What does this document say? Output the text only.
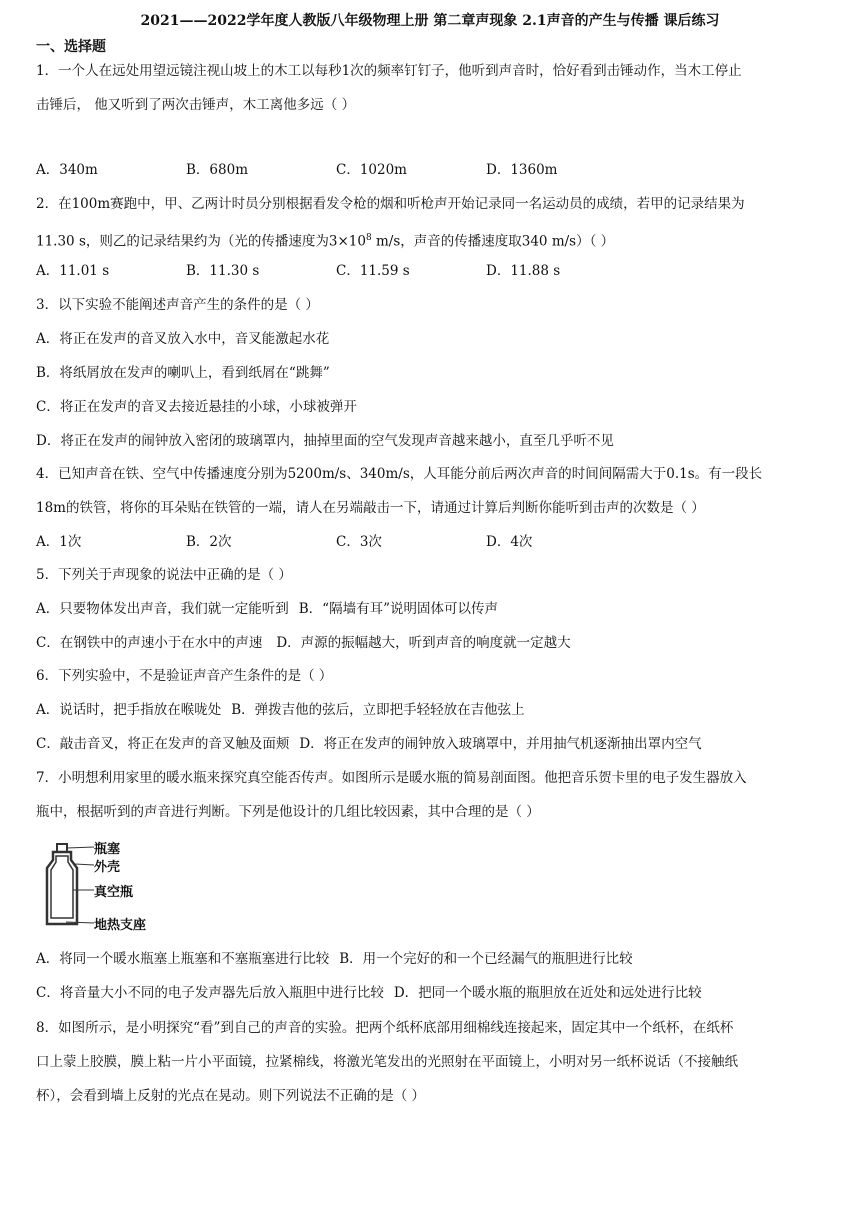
2021——2022学年度人教版八年级物理上册 第二章声现象 2.1声音的产生与传播 课后练习
一、选择题
1．一个人在远处用望远镜注视山坡上的木工以每秒1次的频率钉钉子，他听到声音时，恰好看到击锤动作，当木工停止
击锤后， 他又听到了两次击锤声，木工离他多远（ ）
A．340m	B．680m	C．1020m	D．1360m
2．在100m赛跑中，甲、乙两计时员分别根据看发令枪的烟和听枪声开始记录同一名运动员的成绩，若甲的记录结果为
11.30 s，则乙的记录结果约为（光的传播速度为$3\times 10^8$ m/s，声音的传播速度取340 m/s）（ ）
A．11.01 s	B．11.30 s	C．11.59 s	D．11.88 s
3．以下实验不能阐述声音产生的条件的是（ ）
A．将正在发声的音叉放入水中，音叉能激起水花
B．将纸屑放在发声的喇叭上，看到纸屑在“跳舞”
C．将正在发声的音叉去接近悬挂的小球，小球被弹开
D．将正在发声的闹钟放入密闭的玻璃罩内，抽掉里面的空气发现声音越来越小，直至几乎听不见
4．已知声音在铁、空气中传播速度分别为5200m/s、340m/s，人耳能分前后两次声音的时间间隔需大于0.1s。有一段长
18m的铁管，将你的耳朵贴在铁管的一端，请人在另端敲击一下，请通过计算后判断你能听到击声的次数是（ ）
A．1次	B．2次	C．3次	D．4次
5．下列关于声现象的说法中正确的是（ ）
A．只要物体发出声音，我们就一定能听到 B．“隔墙有耳”说明固体可以传声
C．在钢铁中的声速小于在水中的声速 D．声源的振幅越大，听到声音的响度就一定越大
6．下列实验中，不是验证声音产生条件的是（ ）
A．说话时，把手指放在喉咙处 B．弹拨吉他的弦后，立即把手轻轻放在吉他弦上
C．敲击音叉，将正在发声的音叉触及面颊 D．将正在发声的闹钟放入玻璃罩中，并用抽气机逐渐抽出罩内空气
7．小明想利用家里的暖水瓶来探究真空能否传声。如图所示是暖水瓶的简易剖面图。他把音乐贺卡里的电子发生器放入
瓶中，根据听到的声音进行判断。下列是他设计的几组比较因素，其中合理的是（ ）
瓶塞
外壳
真空瓶
地热支座
A．将同一个暖水瓶塞上瓶塞和不塞瓶塞进行比较 B．用一个完好的和一个已经漏气的瓶胆进行比较
C．将音量大小不同的电子发声器先后放入瓶胆中进行比较 D．把同一个暖水瓶的瓶胆放在近处和远处进行比较
8．如图所示，是小明探究“看”到自己的声音的实验。把两个纸杯底部用细棉线连接起来，固定其中一个纸杯，在纸杯
口上蒙上胶膜，膜上粘一片小平面镜，拉紧棉线，将激光笔发出的光照射在平面镜上，小明对另一纸杯说话（不接触纸
杯），会看到墙上反射的光点在晃动。则下列说法不正确的是（ ）
